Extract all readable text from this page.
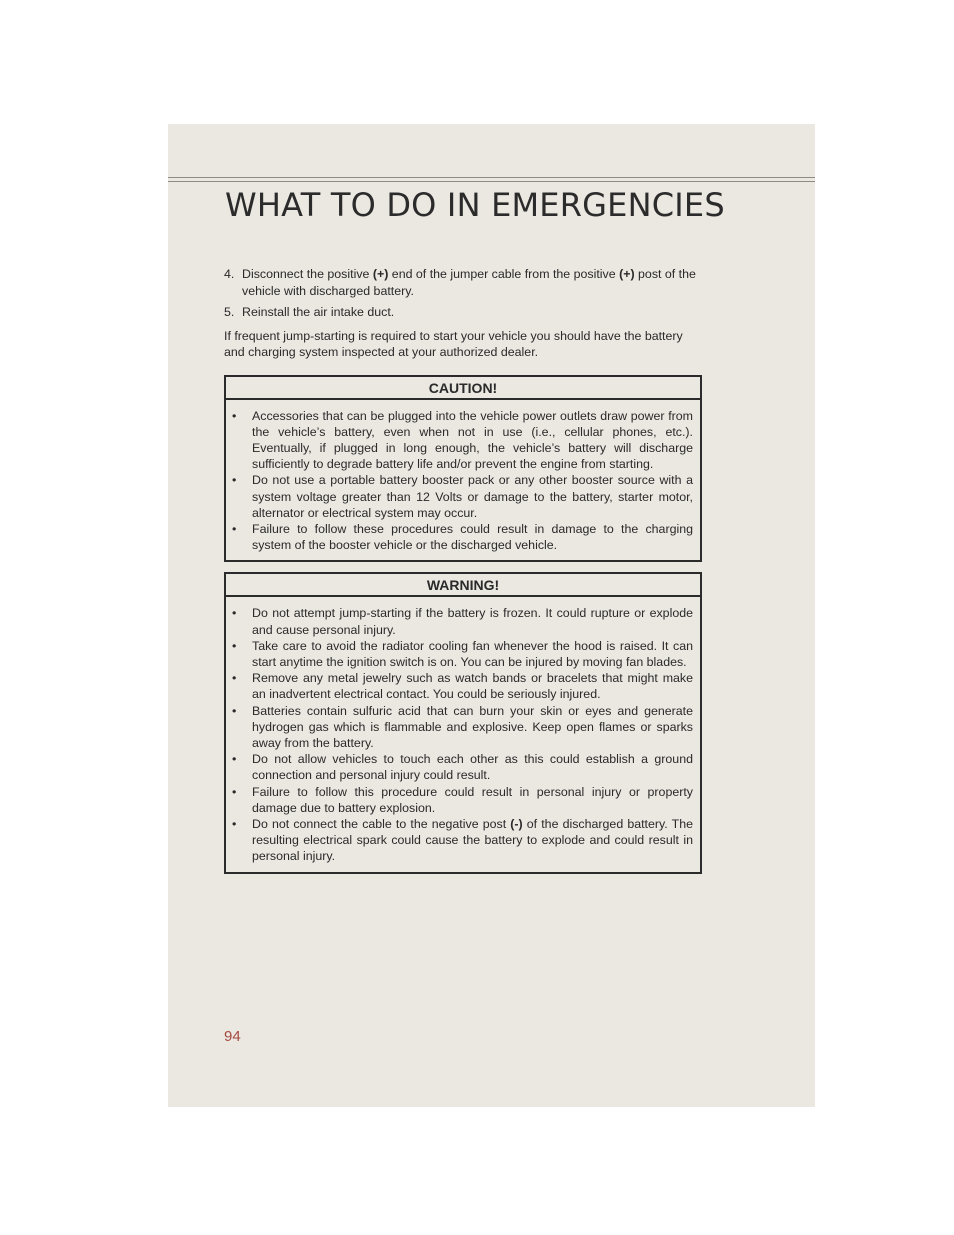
WHAT TO DO IN EMERGENCIES

4. Disconnect the positive (+) end of the jumper cable from the positive (+) post of the vehicle with discharged battery.

5. Reinstall the air intake duct.

If frequent jump-starting is required to start your vehicle you should have the battery and charging system inspected at your authorized dealer.

CAUTION!
•	Accessories that can be plugged into the vehicle power outlets draw power from the vehicle’s battery, even when not in use (i.e., cellular phones, etc.). Eventually, if plugged in long enough, the vehicle’s battery will discharge sufficiently to degrade battery life and/or prevent the engine from starting.
•	Do not use a portable battery booster pack or any other booster source with a system voltage greater than 12 Volts or damage to the battery, starter motor, alternator or electrical system may occur.
•	Failure to follow these procedures could result in damage to the charging system of the booster vehicle or the discharged vehicle.
WARNING!
•	Do not attempt jump-starting if the battery is frozen. It could rupture or explode and cause personal injury.
•	Take care to avoid the radiator cooling fan whenever the hood is raised. It can start anytime the ignition switch is on. You can be injured by moving fan blades.
•	Remove any metal jewelry such as watch bands or bracelets that might make an inadvertent electrical contact. You could be seriously injured.
•	Batteries contain sulfuric acid that can burn your skin or eyes and generate hydrogen gas which is flammable and explosive. Keep open flames or sparks away from the battery.
•	Do not allow vehicles to touch each other as this could establish a ground connection and personal injury could result.
•	Failure to follow this procedure could result in personal injury or property damage due to battery explosion.
•	Do not connect the cable to the negative post (-) of the discharged battery. The resulting electrical spark could cause the battery to explode and could result in personal injury.
94
